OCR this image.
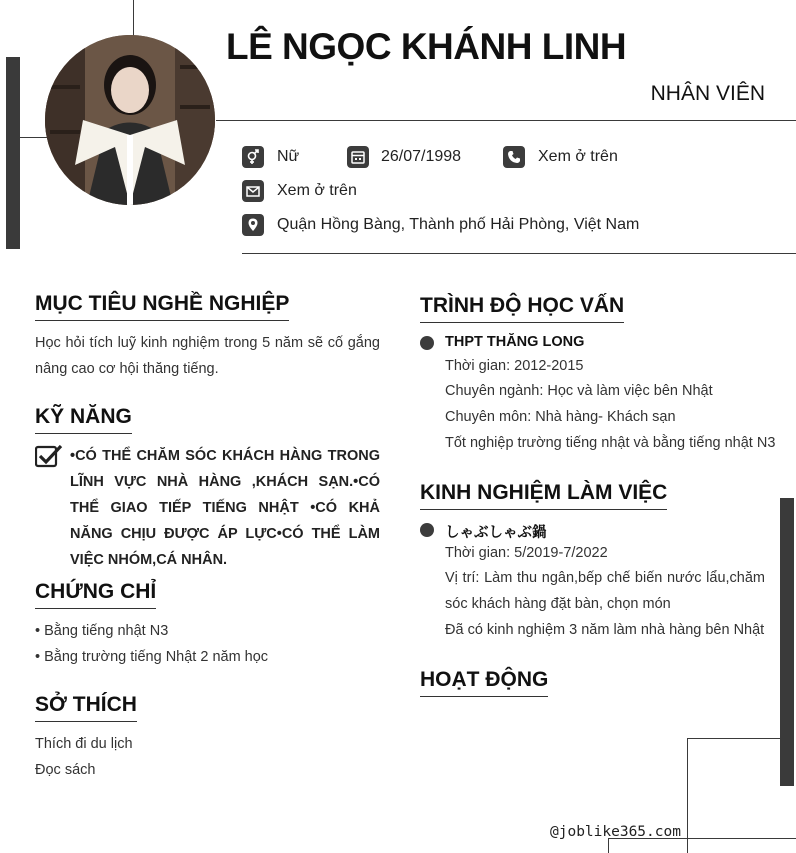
LÊ NGỌC KHÁNH LINH
NHÂN VIÊN
Nữ	26/07/1998	Xem ở trên
Xem ở trên
Quận Hồng Bàng, Thành phố Hải Phòng, Việt Nam
MỤC TIÊU NGHỀ NGHIỆP
Học hỏi tích luỹ kinh nghiệm trong 5 năm sẽ cố gắng nâng cao cơ hội thăng tiếng.
KỸ NĂNG
•CÓ THỂ CHĂM SÓC KHÁCH HÀNG TRONG LĨNH VỰC NHÀ HÀNG ,KHÁCH SẠN.•CÓ THỂ GIAO TIẾP TIẾNG NHẬT •CÓ KHẢ NĂNG CHỊU ĐƯỢC ÁP LỰC•CÓ THỂ LÀM VIỆC NHÓM,CÁ NHÂN.
CHỨNG CHỈ
• Bằng tiếng nhật N3
• Bằng trường tiếng Nhật 2 năm học
SỞ THÍCH
Thích đi du lịch
Đọc sách
TRÌNH ĐỘ HỌC VẤN
THPT THĂNG LONG
Thời gian: 2012-2015
Chuyên ngành: Học và làm việc bên Nhật
Chuyên môn: Nhà hàng- Khách sạn
Tốt nghiệp trường tiếng nhật và bằng tiếng nhật N3
KINH NGHIỆM LÀM VIỆC
しゃぶしゃぶ鍋
Thời gian: 5/2019-7/2022
Vị trí: Làm thu ngân,bếp chế biến nước lẩu,chăm sóc khách hàng đặt bàn, chọn món
Đã có kinh nghiệm 3 năm làm nhà hàng bên Nhật
HOẠT ĐỘNG
@joblike365.com
